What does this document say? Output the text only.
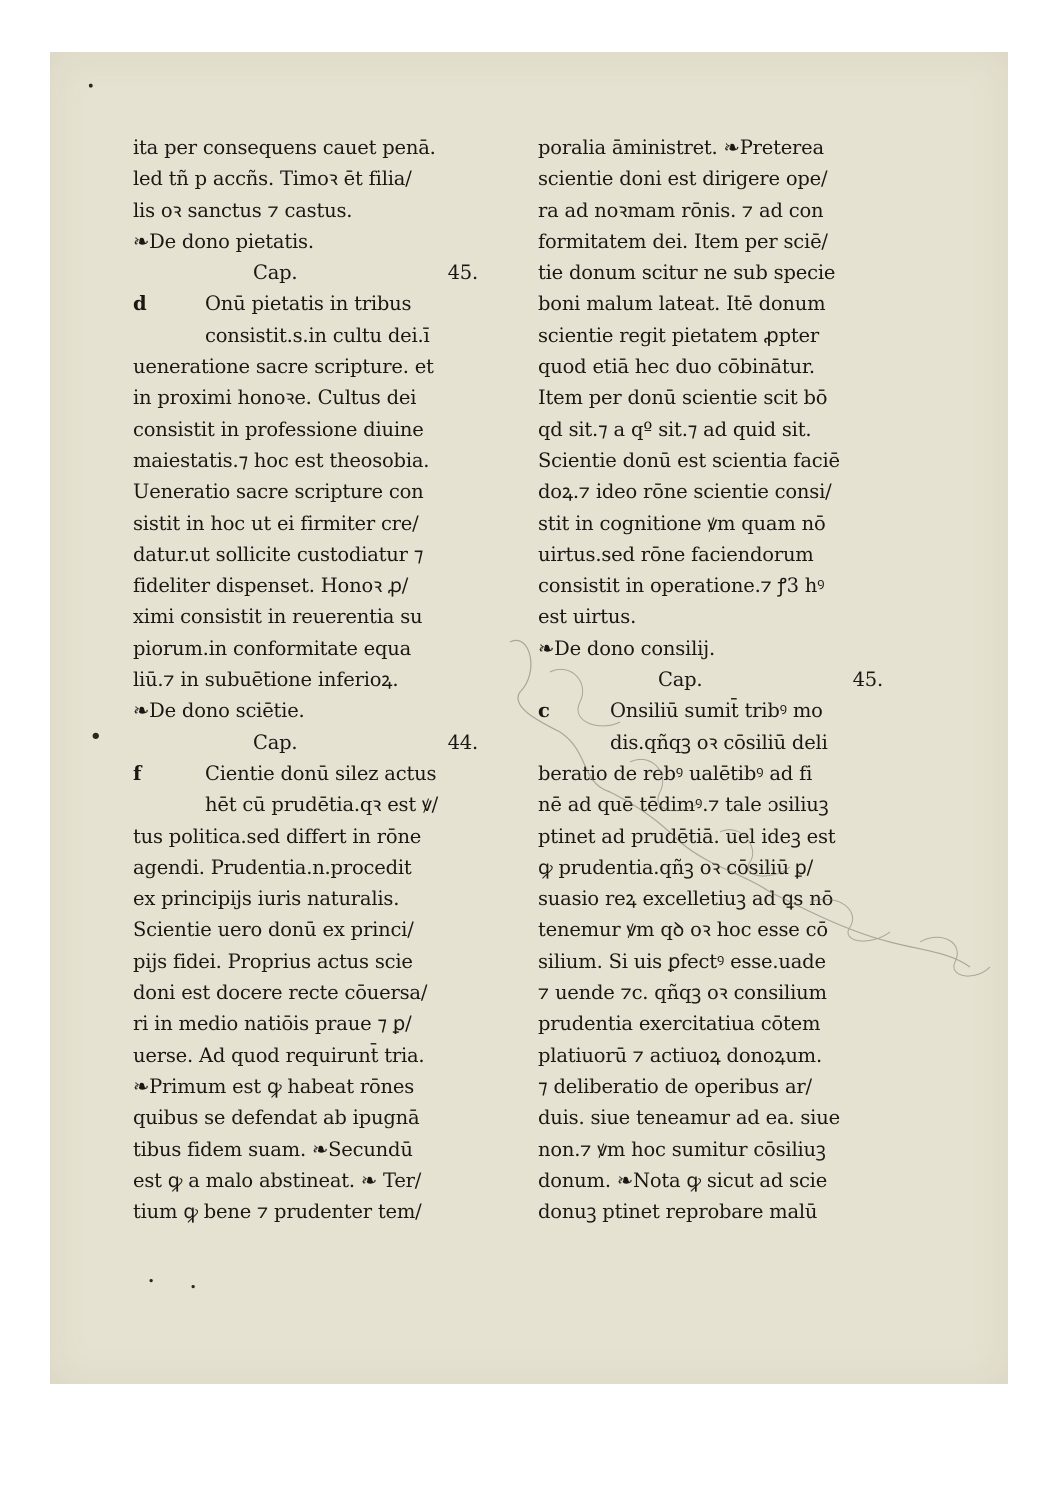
ꞏ
ita per consequens cauet penā.
led tñ p accñs. Timoꝛ ēt filia/
lis oꝛ sanctus ⁊ castus.
❧De dono pietatis.
Cap.	45.
d	Onū pietatis in tribus
consistit.s.in cultu dei.ī
ueneratione sacre scripture. et
in proximi honoꝛe. Cultus dei
consistit in professione diuine
maiestatis.⁊ hoc est theosobia.
Ueneratio sacre scripture con
sistit in hoc ut ei firmiter cre/
datur.ut sollicite custodiatur ⁊
fideliter dispenset. Honoꝛ ꝓ/
ximi consistit in reuerentia su
piorum.in conformitate equa
liū.⁊ in subuētione inferioꝝ.
❧De dono sciētie.
Cap.	44.
f	Cientie donū silez actus
hēt cū prudētia.qꝛ est ꝟ/
tus politica.sed differt in rōne
agendi. Prudentia.n.procedit
ex principijs iuris naturalis.
Scientie uero donū ex princi/
pijs fidei. Proprius actus scie
doni est docere recte cōuersa/
ri in medio natiōis praue ⁊ ꝑ/
uerse. Ad quod requirunt̄ tria.
❧Primum est ꝙ habeat rōnes
quibus se defendat ab ipugnā
tibus fidem suam. ❧Secundū
est ꝙ a malo abstineat. ❧ Ter/
tium ꝙ bene ⁊ prudenter tem/
poralia āministret. ❧Preterea
scientie doni est dirigere ope/
ra ad noꝛmam rōnis. ⁊ ad con
formitatem dei. Item per sciē/
tie donum scitur ne sub specie
boni malum lateat. Itē donum
scientie regit pietatem ꝓpter
quod etiā hec duo cōbinātur.
Item per donū scientie scit bō
qd sit.⁊ a qº sit.⁊ ad quid sit.
Scientie donū est scientia faciē
doꝝ.⁊ ideo rōne scientie consi/
stit in cognitione ꝟm quam nō
uirtus.sed rōne faciendorum
consistit in operatione.⁊ ꝭ3 hꝰ
est uirtus.
❧De dono consilij.
Cap.	45.
c	Onsiliū sumit̄ tribꝰ mo
dis.qñqꝫ oꝛ cōsiliū deli
beratio de rebꝰ ualētibꝰ ad fi
nē ad quē tēdimꝰ.⁊ tale ɔsiliuꝫ
ptinet ad prudētiā. uel ideꝫ est
ꝙ prudentia.qñꝫ oꝛ cōsiliū ꝑ/
suasio reꝝ excelletiuꝫ ad ꝗs nō
tenemur ꝟm qꝺ oꝛ hoc esse cō
silium. Si uis ꝑfectꝰ esse.uade
⁊ uende ⁊c. qñqꝫ oꝛ consilium
prudentia exercitatiua cōtem
platiuorū ⁊ actiuoꝝ donoꝝum.
⁊ deliberatio de operibus ar/
duis. siue teneamur ad ea. siue
non.⁊ ꝟm hoc sumitur cōsiliuꝫ
donum. ❧Nota ꝙ sicut ad scie
donuꝫ ptinet reprobare malū
•
. .
